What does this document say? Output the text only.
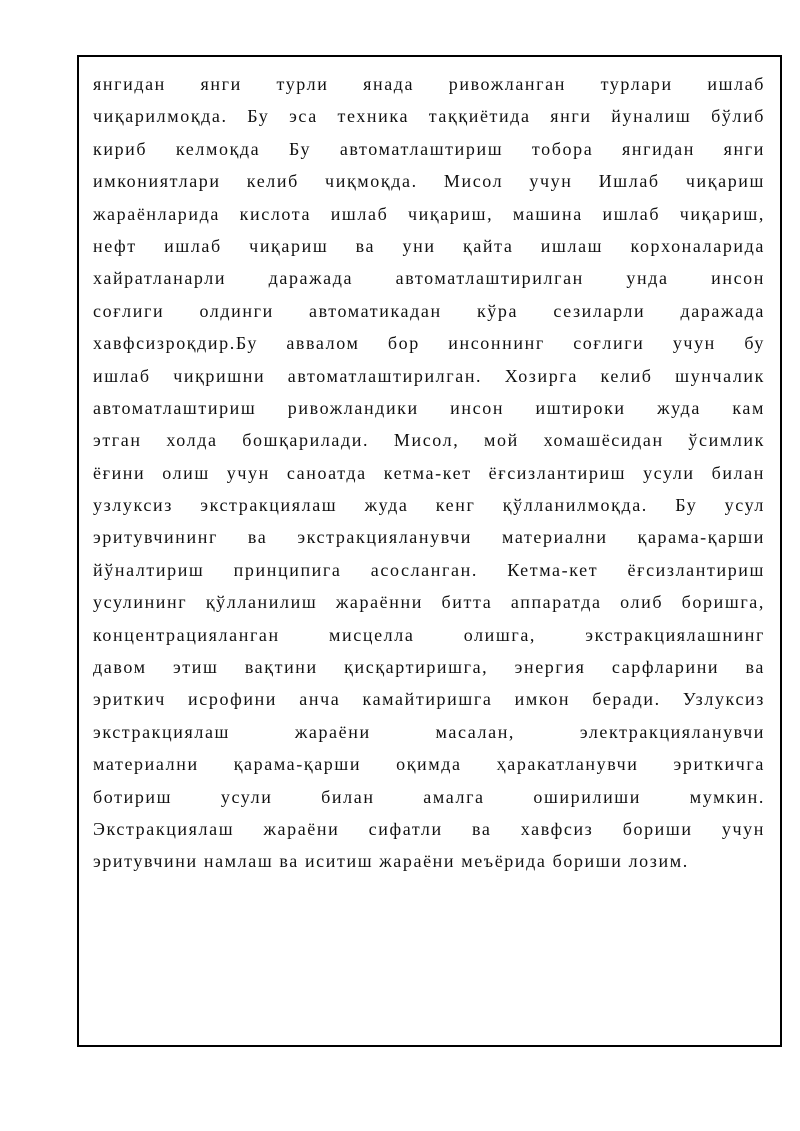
янгидан янги турли янада ривожланган турлари ишлаб
чиқарилмоқда. Бу эса техника таққиётида янги йуналиш бўлиб
кириб келмоқда Бу автоматлаштириш тобора янгидан янги
имкониятлари келиб чиқмоқда. Мисол учун Ишлаб чиқариш
жараёнларида кислота ишлаб чиқариш, машина ишлаб чиқариш,
нефт ишлаб чиқариш ва уни қайта ишлаш корхоналарида
хайратланарли даражада автоматлаштирилган унда инсон
соғлиги олдинги автоматикадан кўра сезиларли даражада
хавфсизроқдир.Бу аввалом бор инсоннинг соғлиги учун бу
ишлаб чиқришни автоматлаштирилган. Хозирга келиб шунчалик
автоматлаштириш ривожландики инсон иштироки жуда кам
этган холда бошқарилади. Мисол, мой хомашёсидан ўсимлик
ёғини олиш учун саноатда кетма-кет ёғсизлантириш усули билан
узлуксиз экстракциялаш жуда кенг қўлланилмоқда. Бу усул
эритувчининг ва экстракцияланувчи материални қарама-қарши
йўналтириш принципига асосланган. Кетма-кет ёғсизлантириш
усулининг қўлланилиш жараённи битта аппаратда олиб боришга,
концентрацияланган мисцелла олишга, экстракциялашнинг
давом этиш вақтини қисқартиришга, энергия сарфларини ва
эриткич исрофини анча камайтиришга имкон беради. Узлуксиз
экстракциялаш жараёни масалан, электракцияланувчи
материални қарама-қарши оқимда ҳаракатланувчи эриткичга
ботириш усули билан амалга оширилиши мумкин.
Экстракциялаш жараёни сифатли ва хавфсиз бориши учун
эритувчини намлаш ва иситиш жараёни меъёрида бориши лозим.
